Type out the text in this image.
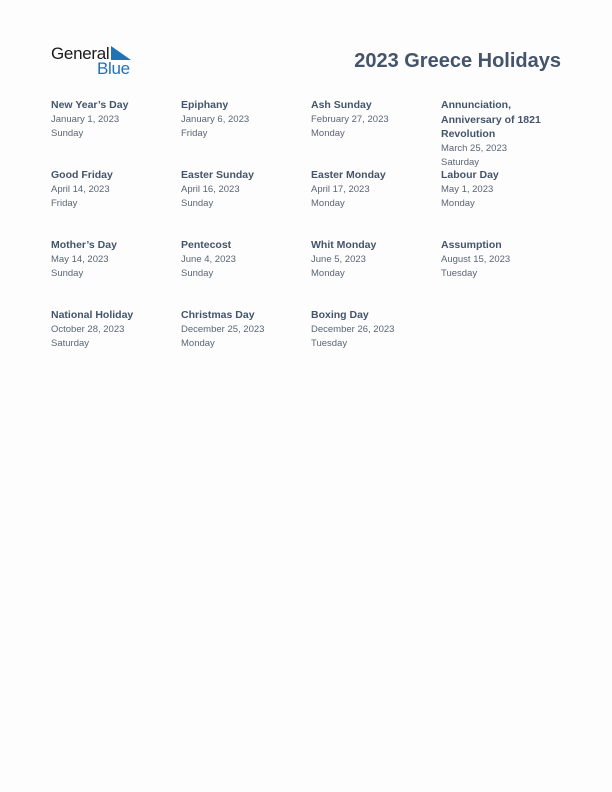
General
Blue	2023 Greece Holidays
New Year’s Day
January 1, 2023
Sunday
Epiphany
January 6, 2023
Friday
Ash Sunday
February 27, 2023
Monday
Annunciation, Anniversary of 1821 Revolution
March 25, 2023
Saturday
Good Friday
April 14, 2023
Friday
Easter Sunday
April 16, 2023
Sunday
Easter Monday
April 17, 2023
Monday
Labour Day
May 1, 2023
Monday
Mother’s Day
May 14, 2023
Sunday
Pentecost
June 4, 2023
Sunday
Whit Monday
June 5, 2023
Monday
Assumption
August 15, 2023
Tuesday
National Holiday
October 28, 2023
Saturday
Christmas Day
December 25, 2023
Monday
Boxing Day
December 26, 2023
Tuesday
